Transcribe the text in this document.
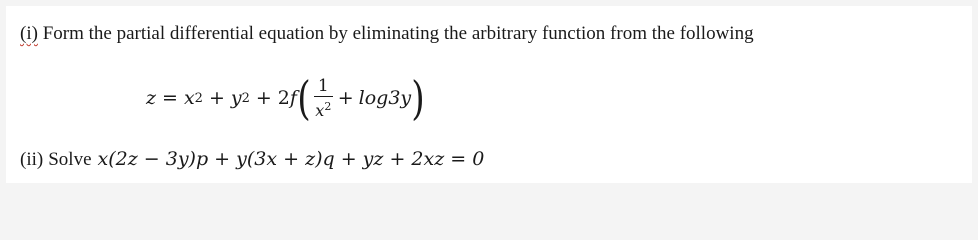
(i) Form the partial differential equation by eliminating the arbitrary function from the following
z = x 2 + y 2 + 2 f ( $\frac{1}{x^2} + \log 3y$ )
(ii) Solve x(2z − 3y)p + y(3x + z)q + yz + 2xz = 0
